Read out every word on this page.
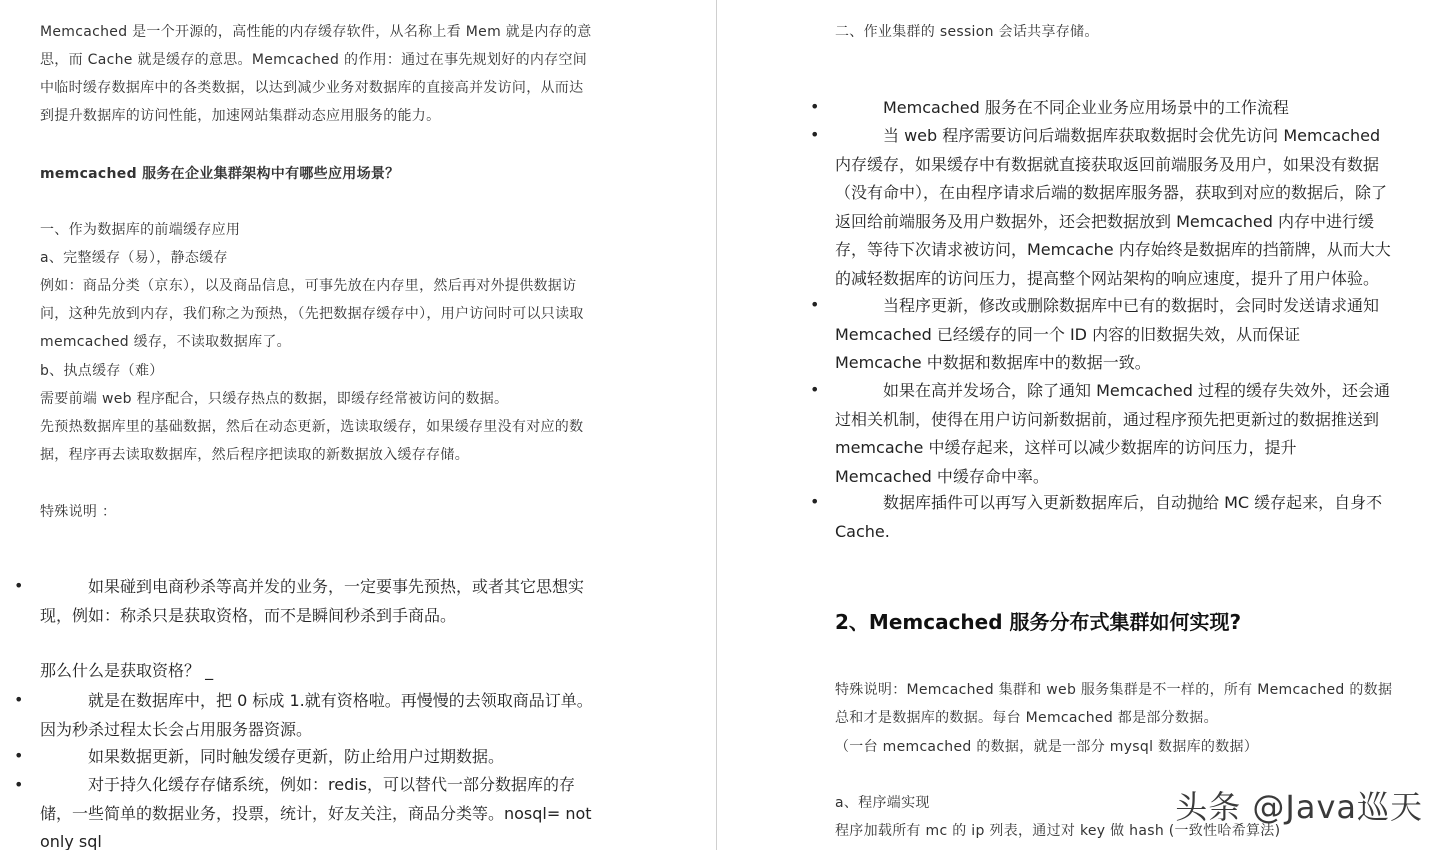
Memcached 是一个开源的，高性能的内存缓存软件，从名称上看 Mem 就是内存的意思，而 Cache 就是缓存的意思。Memcached 的作用：通过在事先规划好的内存空间中临时缓存数据库中的各类数据，以达到减少业务对数据库的直接高并发访问，从而达到提升数据库的访问性能，加速网站集群动态应用服务的能力。
memcached 服务在企业集群架构中有哪些应用场景？
一、作为数据库的前端缓存应用
a、完整缓存（易），静态缓存
例如：商品分类（京东），以及商品信息，可事先放在内存里，然后再对外提供数据访问，这种先放到内存，我们称之为预热，（先把数据存缓存中），用户访问时可以只读取 memcached 缓存，不读取数据库了。
b、执点缓存（难）
需要前端 web 程序配合，只缓存热点的数据，即缓存经常被访问的数据。
先预热数据库里的基础数据，然后在动态更新，选读取缓存，如果缓存里没有对应的数据，程序再去读取数据库，然后程序把读取的新数据放入缓存存储。
特殊说明 ：
•	如果碰到电商秒杀等高并发的业务，一定要事先预热，或者其它思想实现，例如：称杀只是获取资格，而不是瞬间秒杀到手商品。
那么什么是获取资格？ _
•	就是在数据库中，把 0 标成 1.就有资格啦。再慢慢的去领取商品订单。因为秒杀过程太长会占用服务器资源。
•	如果数据更新，同时触发缓存更新，防止给用户过期数据。
•	对于持久化缓存存储系统，例如：redis，可以替代一部分数据库的存储，一些简单的数据业务，投票，统计，好友关注，商品分类等。nosql= not only sql
二、作业集群的 session 会话共享存储。
•	Memcached 服务在不同企业业务应用场景中的工作流程
•	当 web 程序需要访问后端数据库获取数据时会优先访问 Memcached 内存缓存，如果缓存中有数据就直接获取返回前端服务及用户，如果没有数据（没有命中），在由程序请求后端的数据库服务器，获取到对应的数据后，除了返回给前端服务及用户数据外，还会把数据放到 Memcached 内存中进行缓存，等待下次请求被访问，Memcache 内存始终是数据库的挡箭牌，从而大大的减轻数据库的访问压力，提高整个网站架构的响应速度，提升了用户体验。
•	当程序更新，修改或删除数据库中已有的数据时，会同时发送请求通知 Memcached 已经缓存的同一个 ID 内容的旧数据失效，从而保证 Memcache 中数据和数据库中的数据一致。
•	如果在高并发场合，除了通知 Memcached 过程的缓存失效外，还会通过相关机制，使得在用户访问新数据前，通过程序预先把更新过的数据推送到 memcache 中缓存起来，这样可以减少数据库的访问压力，提升 Memcached 中缓存命中率。
•	数据库插件可以再写入更新数据库后，自动抛给 MC 缓存起来，自身不 Cache.
2、Memcached 服务分布式集群如何实现?
特殊说明：Memcached 集群和 web 服务集群是不一样的，所有 Memcached 的数据总和才是数据库的数据。每台 Memcached 都是部分数据。
（一台 memcached 的数据，就是一部分 mysql 数据库的数据）
a、程序端实现
程序加载所有 mc 的 ip 列表，通过对 key 做 hash (一致性哈希算法)
头条 @Java巡天
